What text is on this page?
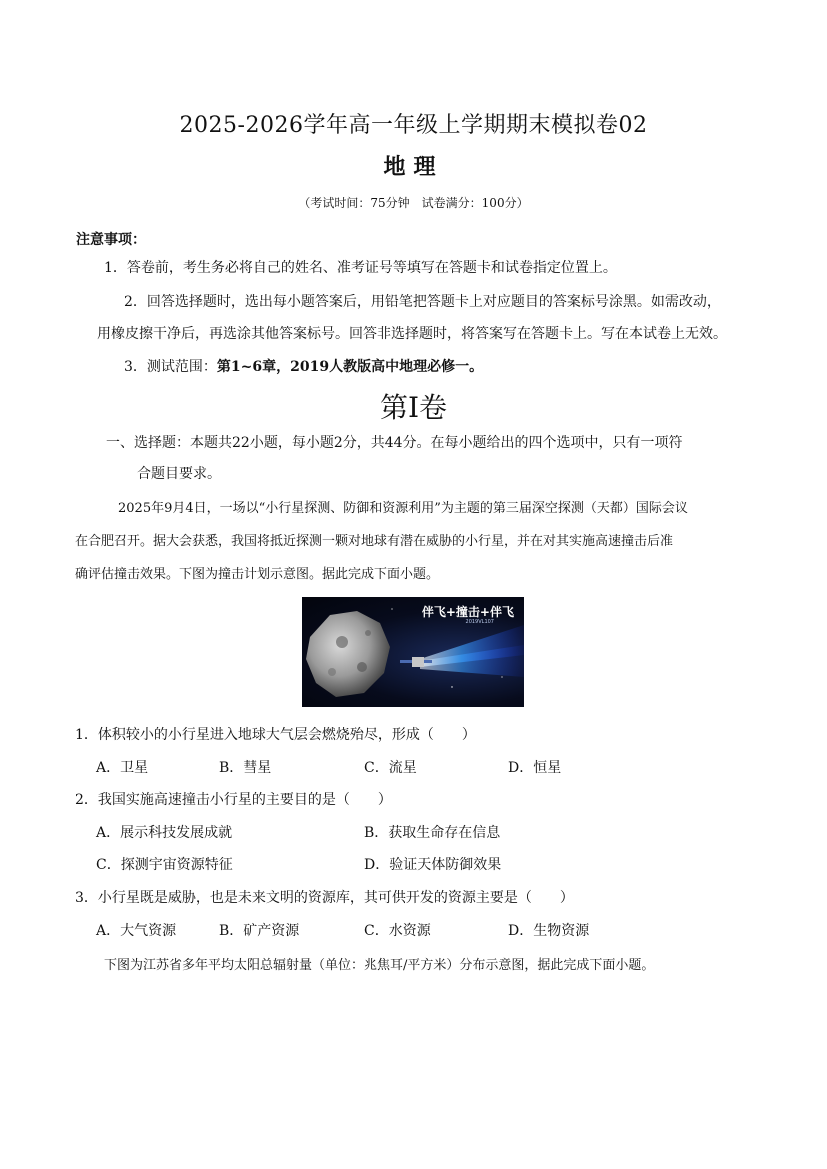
2025-2026学年高一年级上学期期末模拟卷02
地理
（考试时间：75分钟　试卷满分：100分）
注意事项：
1．答卷前，考生务必将自己的姓名、准考证号等填写在答题卡和试卷指定位置上。
2．回答选择题时，选出每小题答案后，用铅笔把答题卡上对应题目的答案标号涂黑。如需改动，
用橡皮擦干净后，再选涂其他答案标号。回答非选择题时，将答案写在答题卡上。写在本试卷上无效。
3．测试范围：第1~6章，2019人教版高中地理必修一。
第I卷
一、选择题：本题共22小题，每小题2分，共44分。在每小题给出的四个选项中，只有一项符
合题目要求。
2025年9月4日，一场以“小行星探测、防御和资源利用”为主题的第三届深空探测（天都）国际会议
在合肥召开。据大会获悉，我国将抵近探测一颗对地球有潜在威胁的小行星，并在对其实施高速撞击后准
确评估撞击效果。下图为撞击计划示意图。据此完成下面小题。
伴飞+撞击+伴飞
2019VL107
1．体积较小的小行星进入地球大气层会燃烧殆尽，形成（　　）
A．卫星	B．彗星	C．流星	D．恒星
2．我国实施高速撞击小行星的主要目的是（　　）
A．展示科技发展成就	B．获取生命存在信息
C．探测宇宙资源特征	D．验证天体防御效果
3．小行星既是威胁，也是未来文明的资源库，其可供开发的资源主要是（　　）
A．大气资源	B．矿产资源	C．水资源	D．生物资源
下图为江苏省多年平均太阳总辐射量（单位：兆焦耳/平方米）分布示意图，据此完成下面小题。
